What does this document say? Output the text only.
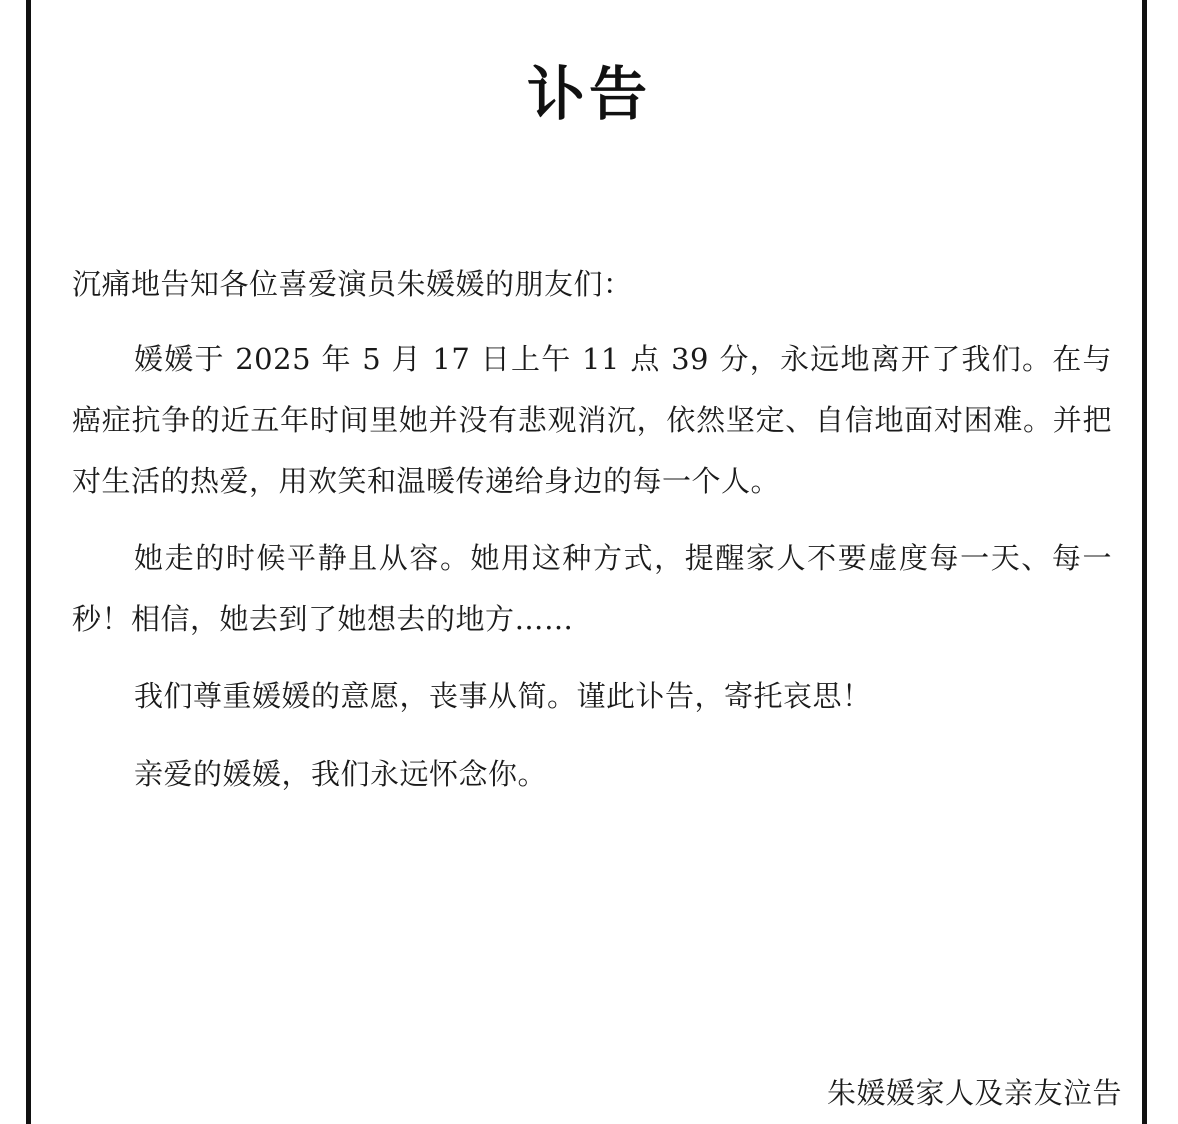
讣告
沉痛地告知各位喜爱演员朱媛媛的朋友们：
媛媛于 2025 年 5 月 17 日上午 11 点 39 分，永远地离开了我们。在与癌症抗争的近五年时间里她并没有悲观消沉，依然坚定、自信地面对困难。并把对生活的热爱，用欢笑和温暖传递给身边的每一个人。
她走的时候平静且从容。她用这种方式，提醒家人不要虚度每一天、每一秒！相信，她去到了她想去的地方……
我们尊重媛媛的意愿，丧事从简。谨此讣告，寄托哀思！
亲爱的媛媛，我们永远怀念你。
朱媛媛家人及亲友泣告
